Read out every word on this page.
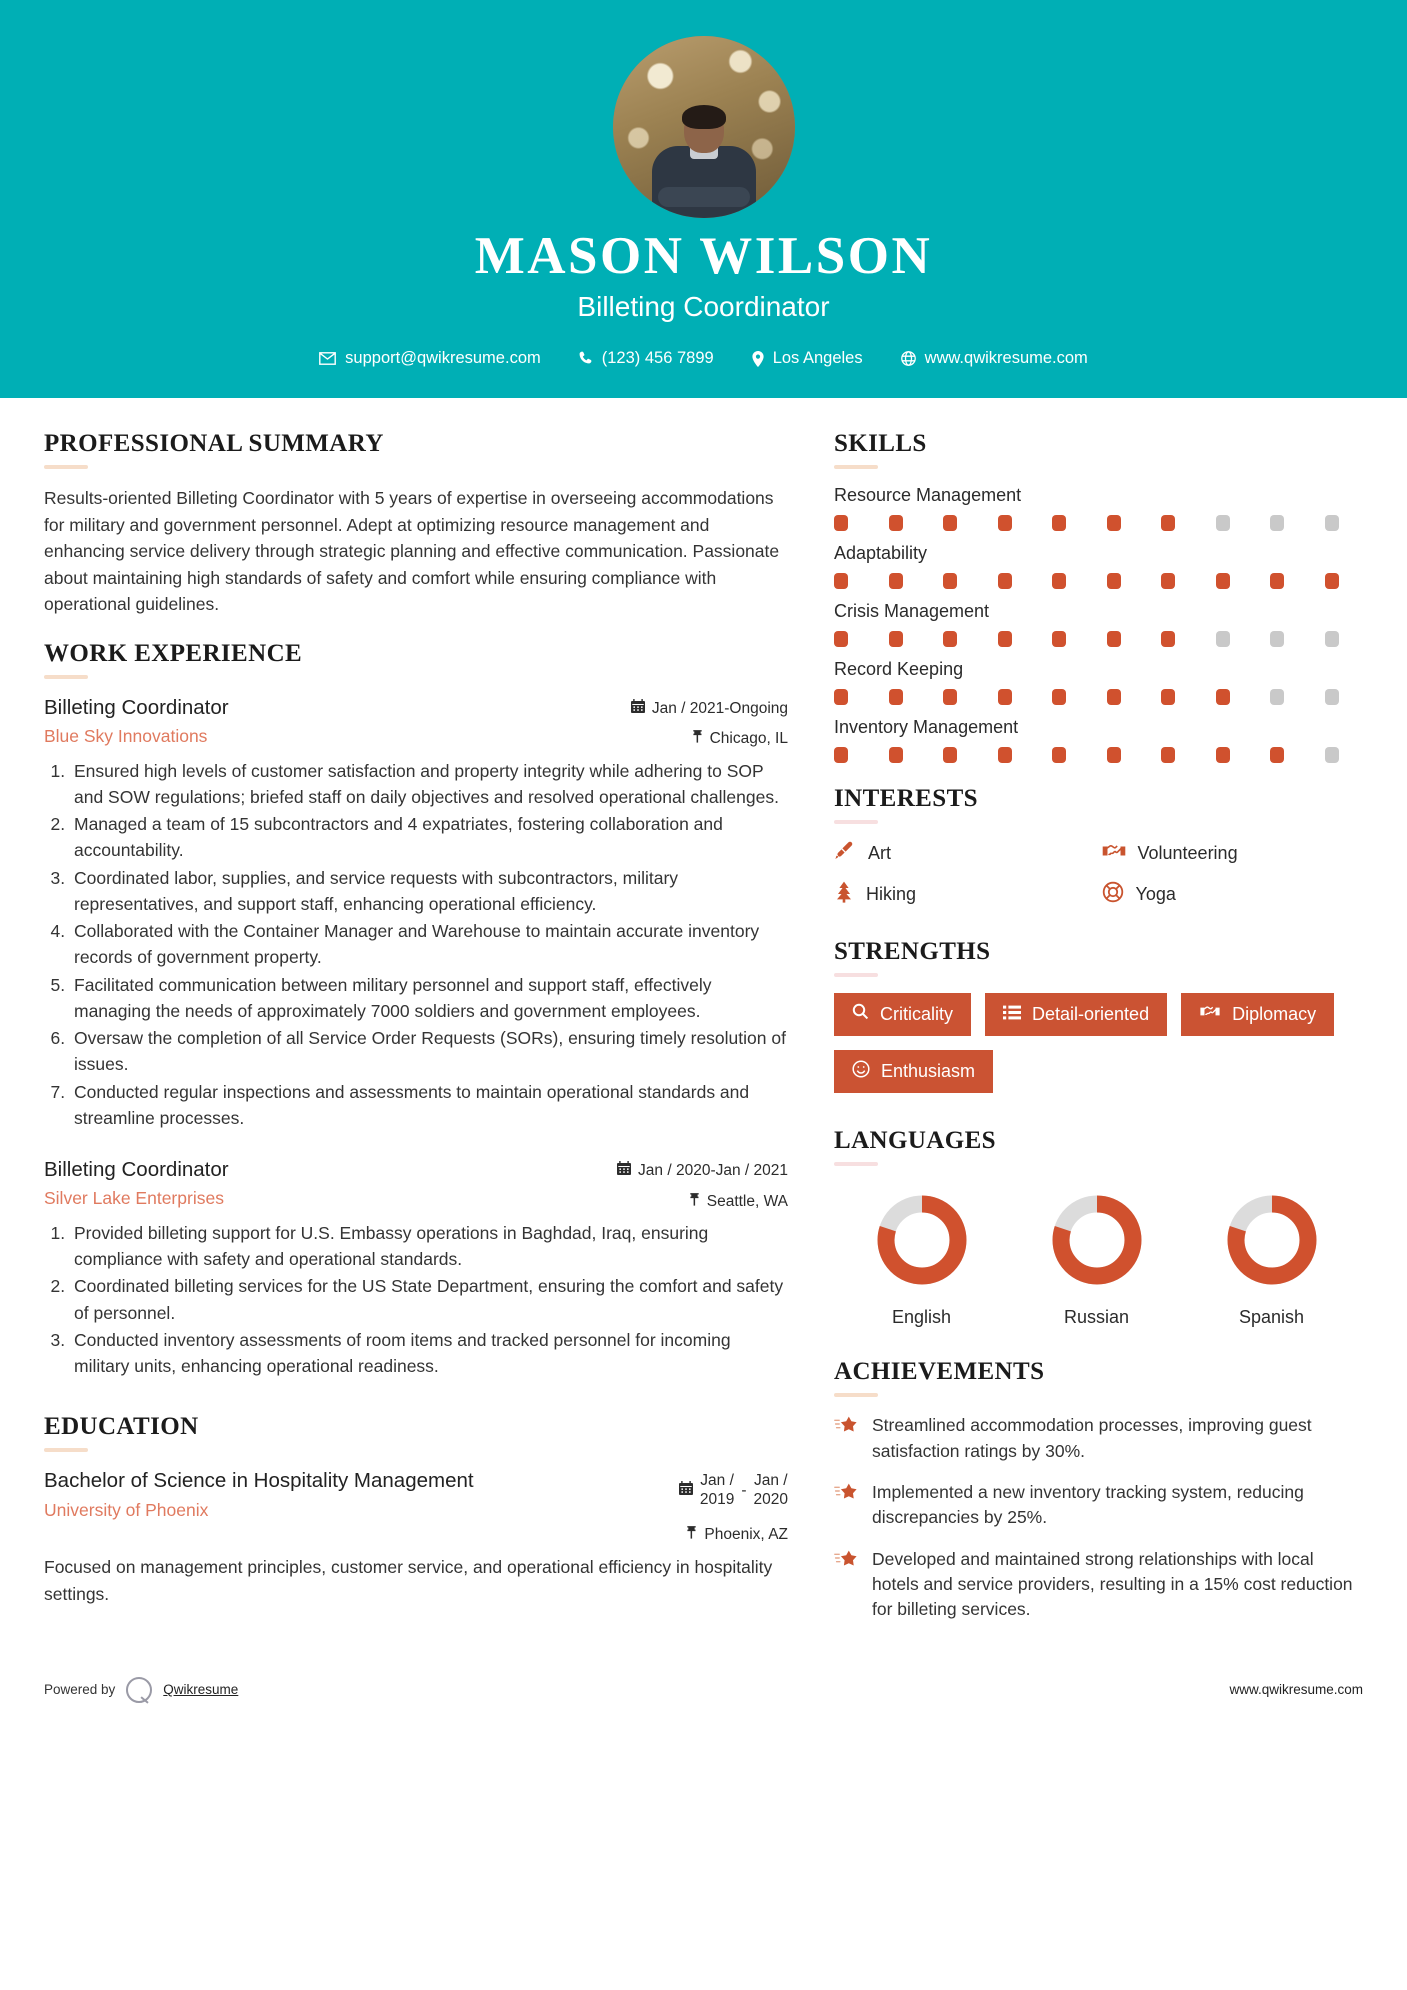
MASON WILSON
Billeting Coordinator
support@qwikresume.com	(123) 456 7899	Los Angeles	www.qwikresume.com
PROFESSIONAL SUMMARY
Results-oriented Billeting Coordinator with 5 years of expertise in overseeing accommodations for military and government personnel. Adept at optimizing resource management and enhancing service delivery through strategic planning and effective communication. Passionate about maintaining high standards of safety and comfort while ensuring compliance with operational guidelines.
WORK EXPERIENCE
Billeting Coordinator
Blue Sky Innovations
Jan / 2021-Ongoing
Chicago, IL
1. Ensured high levels of customer satisfaction and property integrity while adhering to SOP and SOW regulations; briefed staff on daily objectives and resolved operational challenges.
2. Managed a team of 15 subcontractors and 4 expatriates, fostering collaboration and accountability.
3. Coordinated labor, supplies, and service requests with subcontractors, military representatives, and support staff, enhancing operational efficiency.
4. Collaborated with the Container Manager and Warehouse to maintain accurate inventory records of government property.
5. Facilitated communication between military personnel and support staff, effectively managing the needs of approximately 7000 soldiers and government employees.
6. Oversaw the completion of all Service Order Requests (SORs), ensuring timely resolution of issues.
7. Conducted regular inspections and assessments to maintain operational standards and streamline processes.
Billeting Coordinator
Silver Lake Enterprises
Jan / 2020-Jan / 2021
Seattle, WA
1. Provided billeting support for U.S. Embassy operations in Baghdad, Iraq, ensuring compliance with safety and operational standards.
2. Coordinated billeting services for the US State Department, ensuring the comfort and safety of personnel.
3. Conducted inventory assessments of room items and tracked personnel for incoming military units, enhancing operational readiness.
EDUCATION
Bachelor of Science in Hospitality Management
University of Phoenix
Jan /
2019
-
Jan /
2020
Phoenix, AZ
Focused on management principles, customer service, and operational efficiency in hospitality settings.
SKILLS
Resource Management
Adaptability
Crisis Management
Record Keeping
Inventory Management
INTERESTS
Art	Volunteering
Hiking	Yoga
STRENGTHS
Criticality	Detail-oriented	Diplomacy
Enthusiasm
LANGUAGES
English	Russian	Spanish
ACHIEVEMENTS
Streamlined accommodation processes, improving guest satisfaction ratings by 30%.
Implemented a new inventory tracking system, reducing discrepancies by 25%.
Developed and maintained strong relationships with local hotels and service providers, resulting in a 15% cost reduction for billeting services.
Powered by	Qwikresume	www.qwikresume.com
